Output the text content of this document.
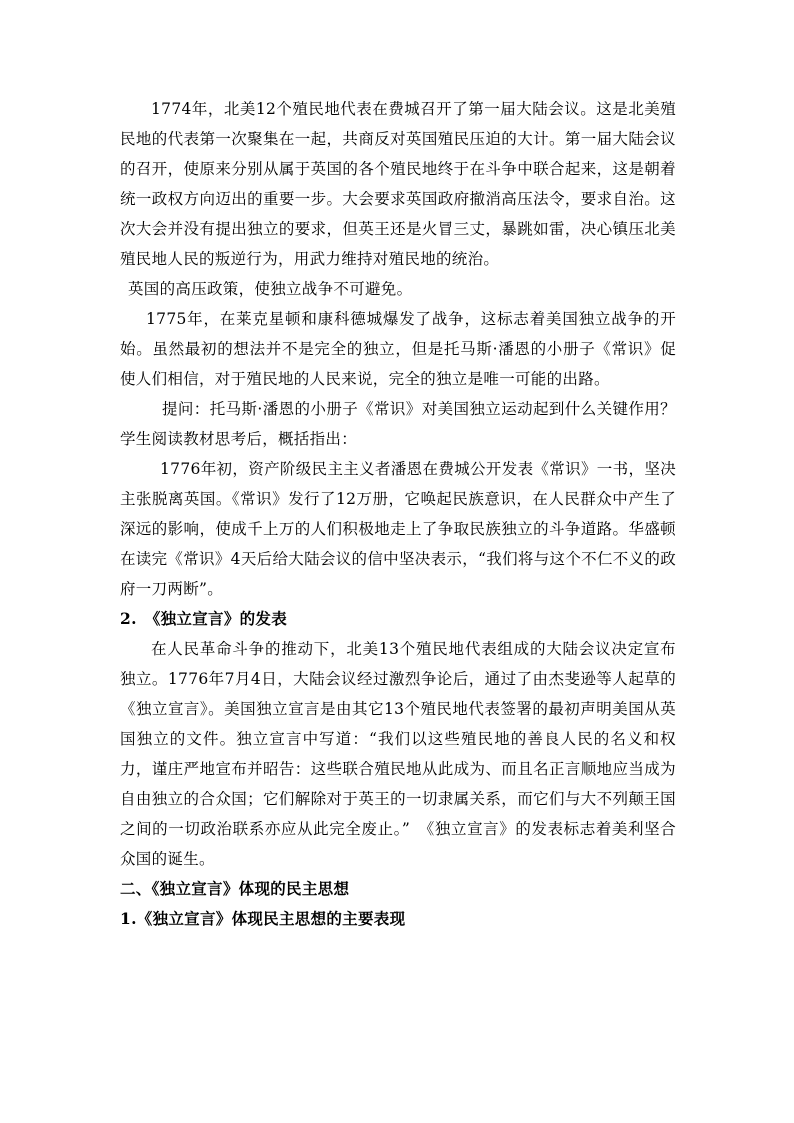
1774年，北美12个殖民地代表在费城召开了第一届大陆会议。这是北美殖民地的代表第一次聚集在一起，共商反对英国殖民压迫的大计。第一届大陆会议的召开，使原来分别从属于英国的各个殖民地终于在斗争中联合起来，这是朝着统一政权方向迈出的重要一步。大会要求英国政府撤消高压法令，要求自治。这次大会并没有提出独立的要求，但英王还是火冒三丈，暴跳如雷，决心镇压北美殖民地人民的叛逆行为，用武力维持对殖民地的统治。

英国的高压政策，使独立战争不可避免。

1775年，在莱克星顿和康科德城爆发了战争，这标志着美国独立战争的开始。虽然最初的想法并不是完全的独立，但是托马斯·潘恩的小册子《常识》促使人们相信，对于殖民地的人民来说，完全的独立是唯一可能的出路。

提问：托马斯·潘恩的小册子《常识》对美国独立运动起到什么关键作用？学生阅读教材思考后，概括指出：

1776年初，资产阶级民主主义者潘恩在费城公开发表《常识》一书，坚决主张脱离英国。《常识》发行了12万册，它唤起民族意识，在人民群众中产生了深远的影响，使成千上万的人们积极地走上了争取民族独立的斗争道路。华盛顿在读完《常识》4天后给大陆会议的信中坚决表示，“我们将与这个不仁不义的政府一刀两断”。

2.　《独立宣言》的发表

在人民革命斗争的推动下，北美13个殖民地代表组成的大陆会议决定宣布独立。1776年7月4日，大陆会议经过激烈争论后，通过了由杰斐逊等人起草的《独立宣言》。美国独立宣言是由其它13个殖民地代表签署的最初声明美国从英国独立的文件。独立宣言中写道：“我们以这些殖民地的善良人民的名义和权力，谨庄严地宣布并昭告：这些联合殖民地从此成为、而且名正言顺地应当成为自由独立的合众国；它们解除对于英王的一切隶属关系，而它们与大不列颠王国之间的一切政治联系亦应从此完全废止。”　《独立宣言》的发表标志着美利坚合众国的诞生。

二、《独立宣言》体现的民主思想

1.《独立宣言》体现民主思想的主要表现
